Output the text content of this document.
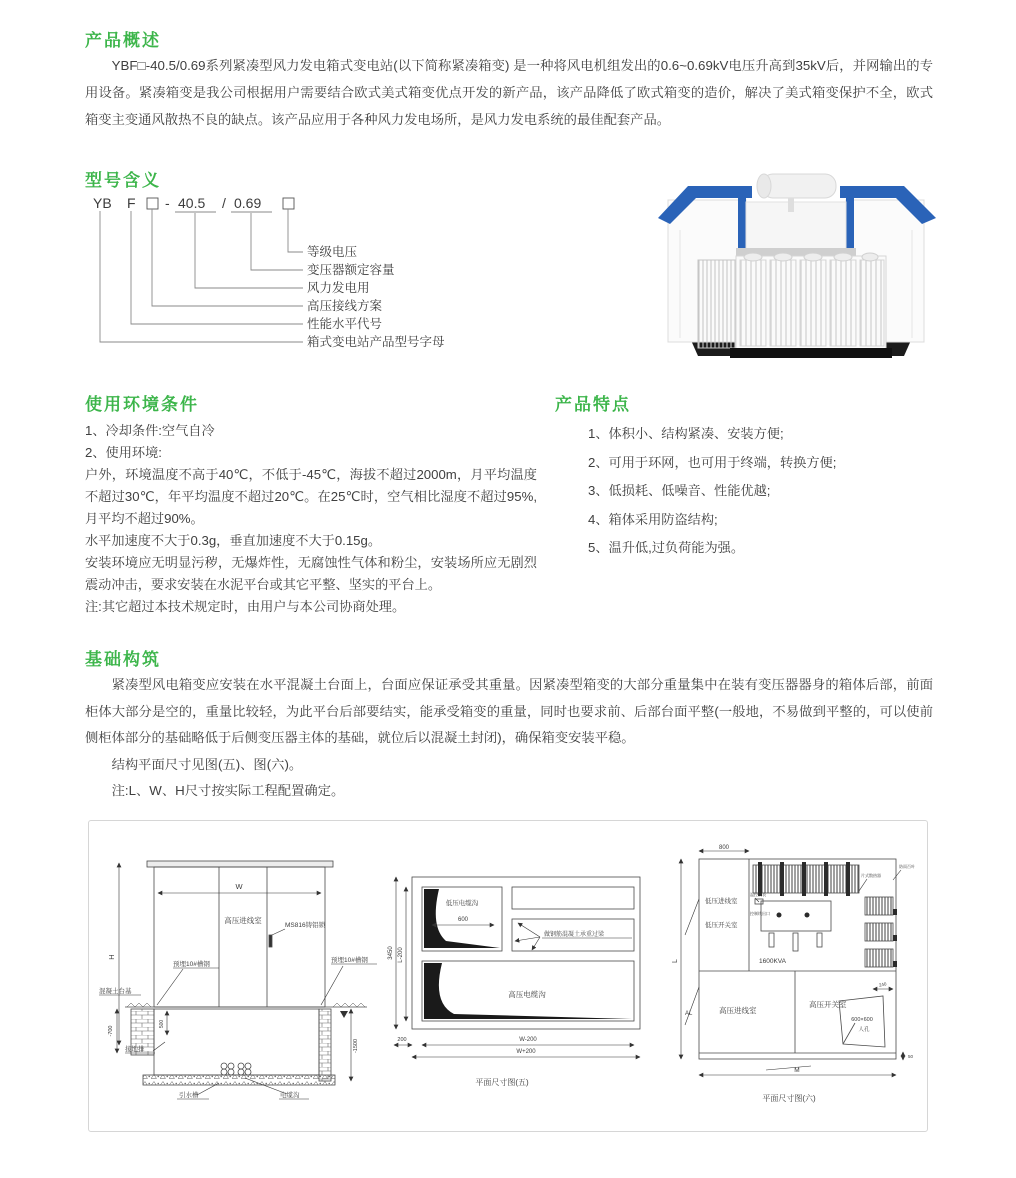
产品概述
YBF□-40.5/0.69系列紧凑型风力发电箱式变电站(以下简称紧凑箱变) 是一种将风电机组发出的0.6~0.69kV电压升高到35kV后，并网输出的专用设备。紧凑箱变是我公司根据用户需要结合欧式美式箱变优点开发的新产品，该产品降低了欧式箱变的造价，解决了美式箱变保护不全，欧式箱变主变通风散热不良的缺点。该产品应用于各种风力发电场所，是风力发电系统的最佳配套产品。
型号含义
YB F - 40.5 / 0.69
等级电压
变压器额定容量
风力发电用
高压接线方案
性能水平代号
箱式变电站产品型号字母
使用环境条件

1、冷却条件:空气自冷

2、使用环境:

户外，环境温度不高于40℃，不低于-45℃，海拔不超过2000m，月平均温度不超过30℃，年平均温度不超过20℃。在25℃时，空气相比湿度不超过95%,月平均不超过90%。

水平加速度不大于0.3g，垂直加速度不大于0.15g。

安装环境应无明显污秽，无爆炸性，无腐蚀性气体和粉尘，安装场所应无剧烈震动冲击，要求安装在水泥平台或其它平整、坚实的平台上。

注:其它超过本技术规定时，由用户与本公司协商处理。

产品特点

1、体积小、结构紧凑、安装方便;

2、可用于环网，也可用于终端，转换方便;

3、低损耗、低噪音、性能优越;

4、箱体采用防盗结构;

5、温升低,过负荷能为强。

基础构筑

紧凑型风电箱变应安装在水平混凝土台面上，台面应保证承受其重量。因紧凑型箱变的大部分重量集中在装有变压器器身的箱体后部，前面柜体大部分是空的，重量比较轻，为此平台后部要结实，能承受箱变的重量，同时也要求前、后部台面平整(一般地，不易做到平整的，可以使前侧柜体部分的基础略低于后侧变压器主体的基础，就位后以混凝土封闭)，确保箱变安装平稳。

结构平面尺寸见图(五)、图(六)。

注:L、W、H尺寸按实际工程配置确定。

W
H
高压进线室
MS816铸铝锁
预埋10#槽钢
预埋10#槽钢
混凝土台基
-700
500
-1500
接地排
引水槽	电缆沟
低压电缆沟
600
做钢筋混凝土承重过梁
高压电缆沟
3450 L-200
200	W-200
W+200
平面尺寸图(五)
800
低压进线室
低压开关室
1600KVA
片式散热器
防雨百叶
温控仪表
控制线出口
高压进线室
高压开关室
600×600
人孔
240
50
L
AL
M
平面尺寸图(六)
